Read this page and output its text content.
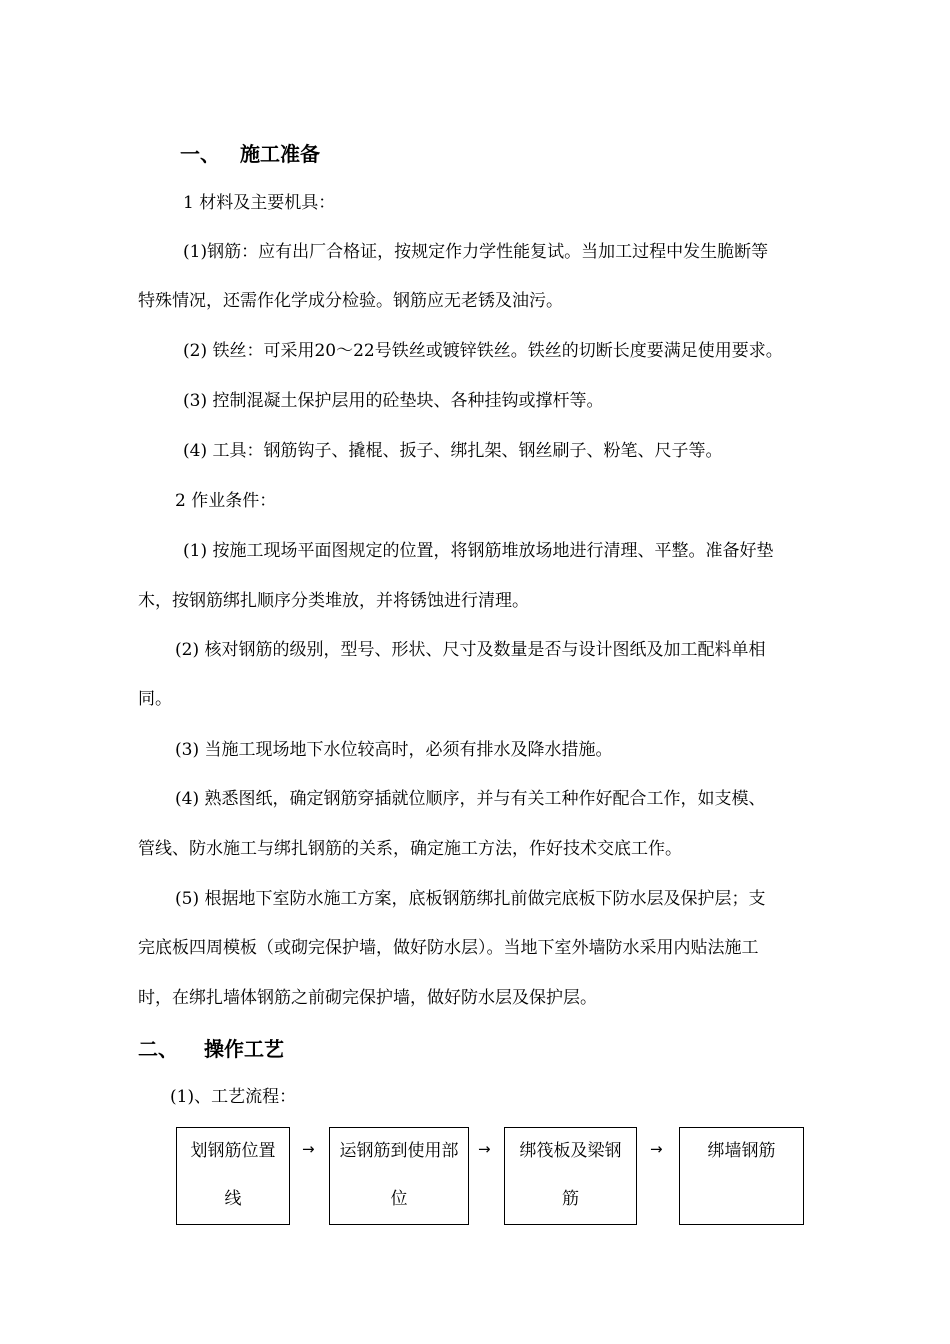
一、 施工准备
1 材料及主要机具：
(1)钢筋：应有出厂合格证，按规定作力学性能复试。当加工过程中发生脆断等
特殊情况，还需作化学成分检验。钢筋应无老锈及油污。
(2) 铁丝：可采用20～22号铁丝或镀锌铁丝。铁丝的切断长度要满足使用要求。
(3) 控制混凝土保护层用的砼垫块、各种挂钩或撑杆等。
(4) 工具：钢筋钩子、撬棍、扳子、绑扎架、钢丝刷子、粉笔、尺子等。
2 作业条件：
(1) 按施工现场平面图规定的位置，将钢筋堆放场地进行清理、平整。准备好垫
木，按钢筋绑扎顺序分类堆放，并将锈蚀进行清理。
(2) 核对钢筋的级别，型号、形状、尺寸及数量是否与设计图纸及加工配料单相
同。
(3) 当施工现场地下水位较高时，必须有排水及降水措施。
(4) 熟悉图纸，确定钢筋穿插就位顺序，并与有关工种作好配合工作，如支模、
管线、防水施工与绑扎钢筋的关系，确定施工方法，作好技术交底工作。
(5) 根据地下室防水施工方案，底板钢筋绑扎前做完底板下防水层及保护层；支
完底板四周模板（或砌完保护墙，做好防水层）。当地下室外墙防水采用内贴法施工
时，在绑扎墙体钢筋之前砌完保护墙，做好防水层及保护层。
二、 操作工艺
(1)、工艺流程：
划钢筋位置
线
→	运钢筋到使用部
位
→	绑筏板及梁钢
筋
→	绑墙钢筋
